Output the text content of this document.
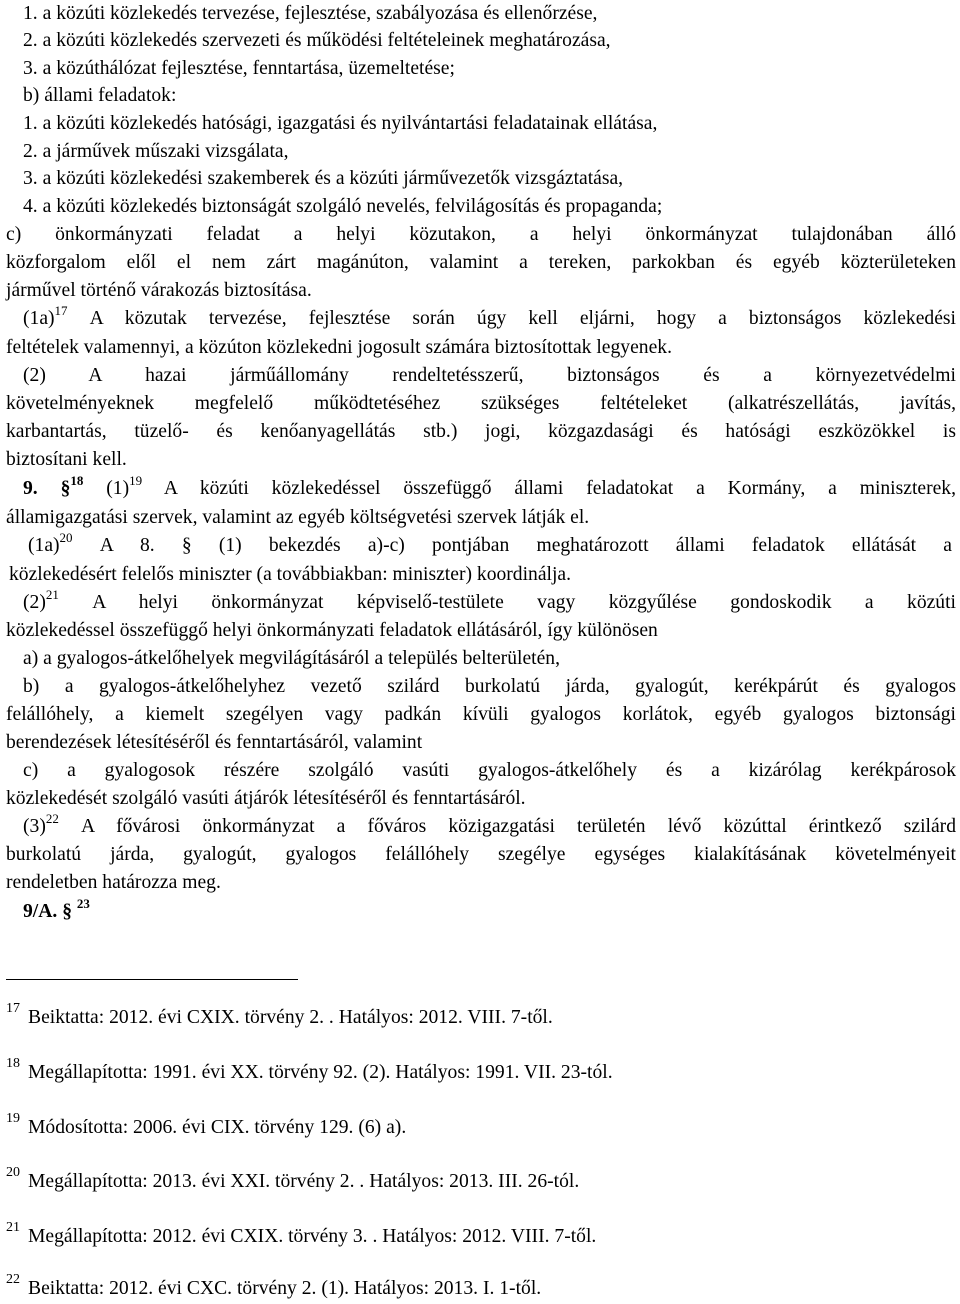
1. a közúti közlekedés tervezése, fejlesztése, szabályozása és ellenőrzése,
2. a közúti közlekedés szervezeti és működési feltételeinek meghatározása,
3. a közúthálózat fejlesztése, fenntartása, üzemeltetése;
b) állami feladatok:
1. a közúti közlekedés hatósági, igazgatási és nyilvántartási feladatainak ellátása,
2. a járművek műszaki vizsgálata,
3. a közúti közlekedési szakemberek és a közúti járművezetők vizsgáztatása,
4. a közúti közlekedés biztonságát szolgáló nevelés, felvilágosítás és propaganda;
c) önkormányzati feladat a helyi közutakon, a helyi önkormányzat tulajdonában álló
közforgalom elől el nem zárt magánúton, valamint a tereken, parkokban és egyéb közterületeken
járművel történő várakozás biztosítása.
$(1a)^{17}$ A közutak tervezése, fejlesztése során úgy kell eljárni, hogy a biztonságos közlekedési
feltételek valamennyi, a közúton közlekedni jogosult számára biztosítottak legyenek.
(2) A hazai járműállomány rendeltetésszerű, biztonságos és a környezetvédelmi
követelményeknek megfelelő működtetéséhez szükséges feltételeket (alkatrészellátás, javítás,
karbantartás, tüzelő- és kenőanyagellátás stb.) jogi, közgazdasági és hatósági eszközökkel is
biztosítani kell.
9. §$^{18}$ $(1)^{19}$ A közúti közlekedéssel összefüggő állami feladatokat a Kormány, a miniszterek,
államigazgatási szervek, valamint az egyéb költségvetési szervek látják el.
$(1a)^{20}$ A 8. § (1) bekezdés a)-c) pontjában meghatározott állami feladatok ellátását a
közlekedésért felelős miniszter (a továbbiakban: miniszter) koordinálja.
$(2)^{21}$ A helyi önkormányzat képviselő-testülete vagy közgyűlése gondoskodik a közúti
közlekedéssel összefüggő helyi önkormányzati feladatok ellátásáról, így különösen
a) a gyalogos-átkelőhelyek megvilágításáról a település belterületén,
b) a gyalogos-átkelőhelyhez vezető szilárd burkolatú járda, gyalogút, kerékpárút és gyalogos
felállóhely, a kiemelt szegélyen vagy padkán kívüli gyalogos korlátok, egyéb gyalogos biztonsági
berendezések létesítéséről és fenntartásáról, valamint
c) a gyalogosok részére szolgáló vasúti gyalogos-átkelőhely és a kizárólag kerékpárosok
közlekedését szolgáló vasúti átjárók létesítéséről és fenntartásáról.
$(3)^{22}$ A fővárosi önkormányzat a főváros közigazgatási területén lévő közúttal érintkező szilárd
burkolatú járda, gyalogút, gyalogos felállóhely szegélye egységes kialakításának követelményeit
rendeletben határozza meg.
9/A. § $^{23}$
$^{17}$ Beiktatta: 2012. évi CXIX. törvény 2. . Hatályos: 2012. VIII. 7-től.
$^{18}$ Megállapította: 1991. évi XX. törvény 92. (2). Hatályos: 1991. VII. 23-tól.
$^{19}$ Módosította: 2006. évi CIX. törvény 129. (6) a).
$^{20}$ Megállapította: 2013. évi XXI. törvény 2. . Hatályos: 2013. III. 26-tól.
$^{21}$ Megállapította: 2012. évi CXIX. törvény 3. . Hatályos: 2012. VIII. 7-től.
$^{22}$ Beiktatta: 2012. évi CXC. törvény 2. (1). Hatályos: 2013. I. 1-től.
